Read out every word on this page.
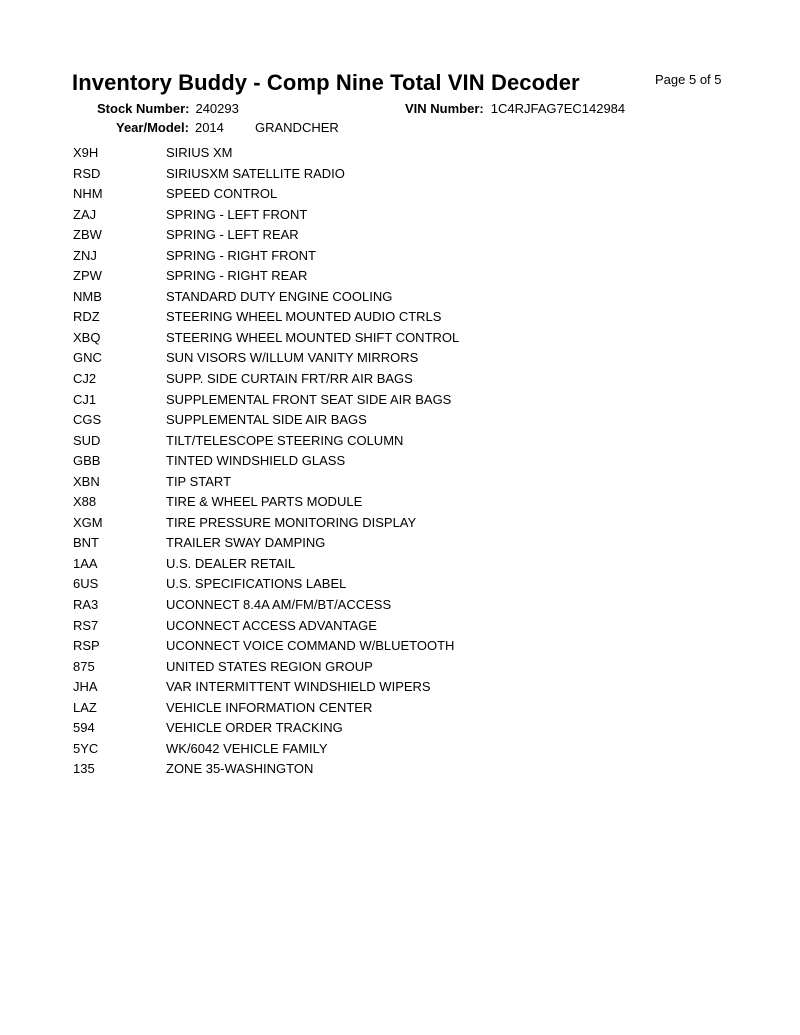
Inventory Buddy - Comp Nine Total VIN Decoder	Page 5 of 5
Stock Number: 240293	VIN Number: 1C4RJFAG7EC142984
Year/Model: 2014 GRANDCHER
X9H	SIRIUS XM
RSD	SIRIUSXM SATELLITE RADIO
NHM	SPEED CONTROL
ZAJ	SPRING - LEFT FRONT
ZBW	SPRING - LEFT REAR
ZNJ	SPRING - RIGHT FRONT
ZPW	SPRING - RIGHT REAR
NMB	STANDARD DUTY ENGINE COOLING
RDZ	STEERING WHEEL MOUNTED AUDIO CTRLS
XBQ	STEERING WHEEL MOUNTED SHIFT CONTROL
GNC	SUN VISORS W/ILLUM VANITY MIRRORS
CJ2	SUPP. SIDE CURTAIN FRT/RR AIR BAGS
CJ1	SUPPLEMENTAL FRONT SEAT SIDE AIR BAGS
CGS	SUPPLEMENTAL SIDE AIR BAGS
SUD	TILT/TELESCOPE STEERING COLUMN
GBB	TINTED WINDSHIELD GLASS
XBN	TIP START
X88	TIRE & WHEEL PARTS MODULE
XGM	TIRE PRESSURE MONITORING DISPLAY
BNT	TRAILER SWAY DAMPING
1AA	U.S. DEALER RETAIL
6US	U.S. SPECIFICATIONS LABEL
RA3	UCONNECT 8.4A AM/FM/BT/ACCESS
RS7	UCONNECT ACCESS ADVANTAGE
RSP	UCONNECT VOICE COMMAND W/BLUETOOTH
875	UNITED STATES REGION GROUP
JHA	VAR INTERMITTENT WINDSHIELD WIPERS
LAZ	VEHICLE INFORMATION CENTER
594	VEHICLE ORDER TRACKING
5YC	WK/6042 VEHICLE FAMILY
135	ZONE 35-WASHINGTON
